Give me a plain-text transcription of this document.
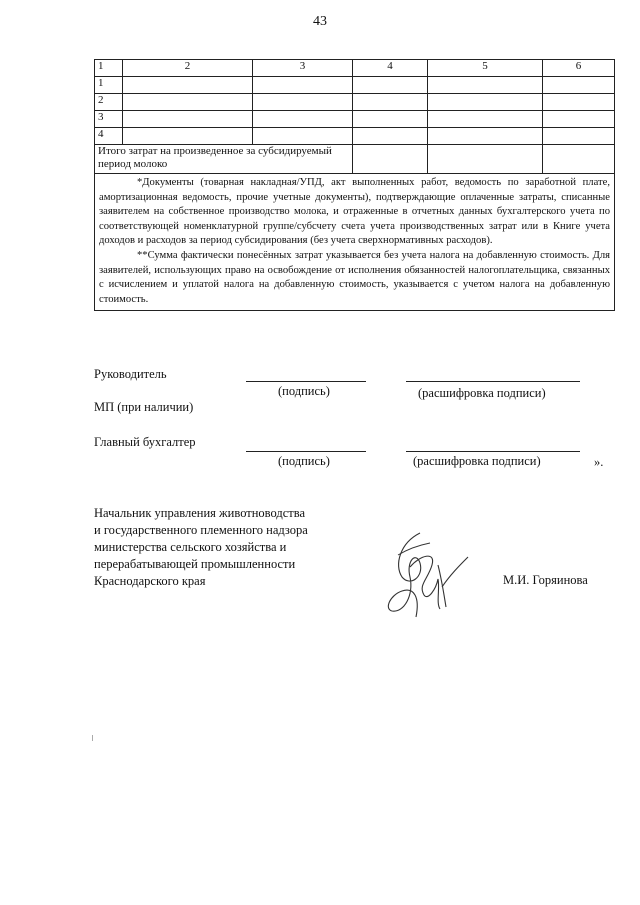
43
1	2	3	4	5	6
1					
2					
3					
4					
Итого затрат на произведенное за субсидируемый период молоко					

*Документы (товарная накладная/УПД, акт выполненных работ, ведомость по заработной плате, амортизационная ведомость, прочие учетные документы), подтверждающие оплаченные затраты, списанные заявителем на собственное производство молока, и отраженные в отчетных данных бухгалтерского учета по соответствующей номенклатурной группе/субсчету счета учета производственных затрат или в Книге учета доходов и расходов за период субсидирования (без учета сверхнормативных расходов).

**Сумма фактически понесённых затрат указывается без учета налога на добавленную стоимость. Для заявителей, использующих право на освобождение от исполнения обязанностей налогоплательщика, связанных с исчислением и уплатой налога на добавленную стоимость, указывается с учетом налога на добавленную стоимость.					

Руководитель
(подпись)	(расшифровка подписи)
МП (при наличии)
Главный бухгалтер
(подпись)	(расшифровка подписи)	».
Начальник управления животноводства
и государственного племенного надзора
министерства сельского хозяйства и
перерабатывающей промышленности
Краснодарского края	М.И. Горяинова
